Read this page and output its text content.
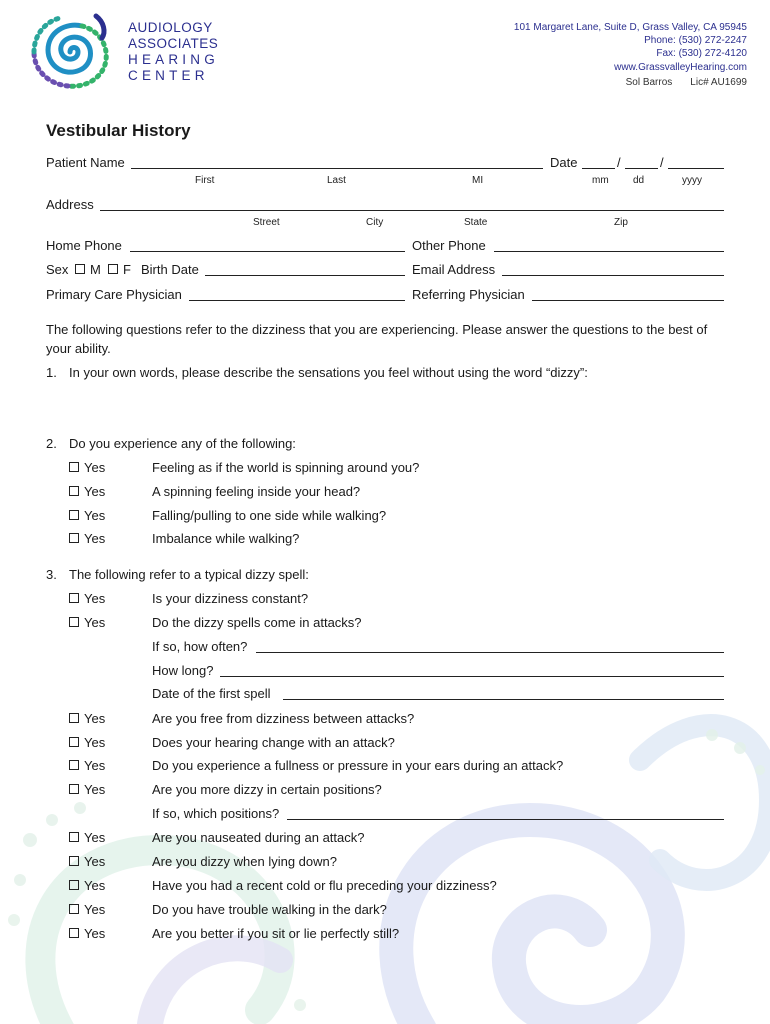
AUDIOLOGY
ASSOCIATES
HEARING
CENTER
101 Margaret Lane, Suite D, Grass Valley, CA 95945
Phone: (530) 272-2247
Fax: (530) 272-4120
www.GrassvalleyHearing.com
Sol Barros Lic# AU1699
Vestibular History
Patient Name	Date	/	/
First	Last	MI	mm dd	yyyy
Address
Street	City	State	Zip
Home Phone	Other Phone
Sex	M	F Birth Date	Email Address
Primary Care Physician	Referring Physician
The following questions refer to the dizziness that you are experiencing. Please answer the questions to the best of your ability.
1. In your own words, please describe the sensations you feel without using the word “dizzy”:
2. Do you experience any of the following:
Yes	Feeling as if the world is spinning around you?
Yes	A spinning feeling inside your head?
Yes	Falling/pulling to one side while walking?
Yes	Imbalance while walking?
3. The following refer to a typical dizzy spell:
Yes	Is your dizziness constant?
Yes	Do the dizzy spells come in attacks?
If so, how often?
How long?
Date of the first spell
Yes	Are you free from dizziness between attacks?
Yes	Does your hearing change with an attack?
Yes	Do you experience a fullness or pressure in your ears during an attack?
Yes	Are you more dizzy in certain positions?
If so, which positions?
Yes	Are you nauseated during an attack?
Yes	Are you dizzy when lying down?
Yes	Have you had a recent cold or flu preceding your dizziness?
Yes	Do you have trouble walking in the dark?
Yes	Are you better if you sit or lie perfectly still?
